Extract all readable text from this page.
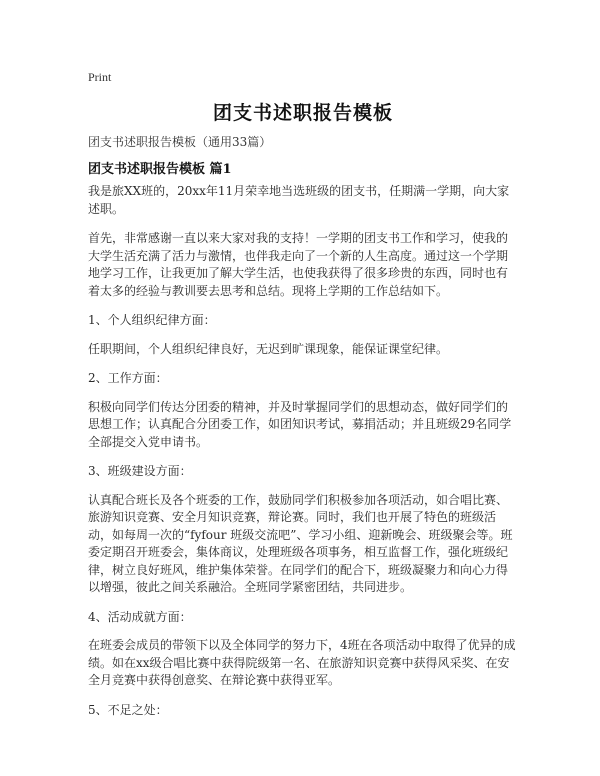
Print
团支书述职报告模板
团支书述职报告模板（通用33篇）
团支书述职报告模板 篇1

我是旅XX班的，20xx年11月荣幸地当选班级的团支书，任期满一学期，向大家述职。

首先，非常感谢一直以来大家对我的支持！一学期的团支书工作和学习，使我的大学生活充满了活力与激情，也伴我走向了一个新的人生高度。通过这一个学期地学习工作，让我更加了解大学生活，也使我获得了很多珍贵的东西，同时也有着太多的经验与教训要去思考和总结。现将上学期的工作总结如下。

1、个人组织纪律方面：

任职期间，个人组织纪律良好，无迟到旷课现象，能保证课堂纪律。

2、工作方面：

积极向同学们传达分团委的精神，并及时掌握同学们的思想动态，做好同学们的思想工作；认真配合分团委工作，如团知识考试，募捐活动；并且班级29名同学全部提交入党申请书。

3、班级建设方面：

认真配合班长及各个班委的工作，鼓励同学们积极参加各项活动，如合唱比赛、旅游知识竞赛、安全月知识竞赛，辩论赛。同时，我们也开展了特色的班级活动，如每周一次的“fyfour 班级交流吧”、学习小组、迎新晚会、班级聚会等。班委定期召开班委会，集体商议，处理班级各项事务，相互监督工作，强化班级纪律，树立良好班风，维护集体荣誉。在同学们的配合下，班级凝聚力和向心力得以增强，彼此之间关系融洽。全班同学紧密团结，共同进步。

4、活动成就方面：

在班委会成员的带领下以及全体同学的努力下，4班在各项活动中取得了优异的成绩。如在xx级合唱比赛中获得院级第一名、在旅游知识竞赛中获得风采奖、在安全月竞赛中获得创意奖、在辩论赛中获得亚军。

5、不足之处：
